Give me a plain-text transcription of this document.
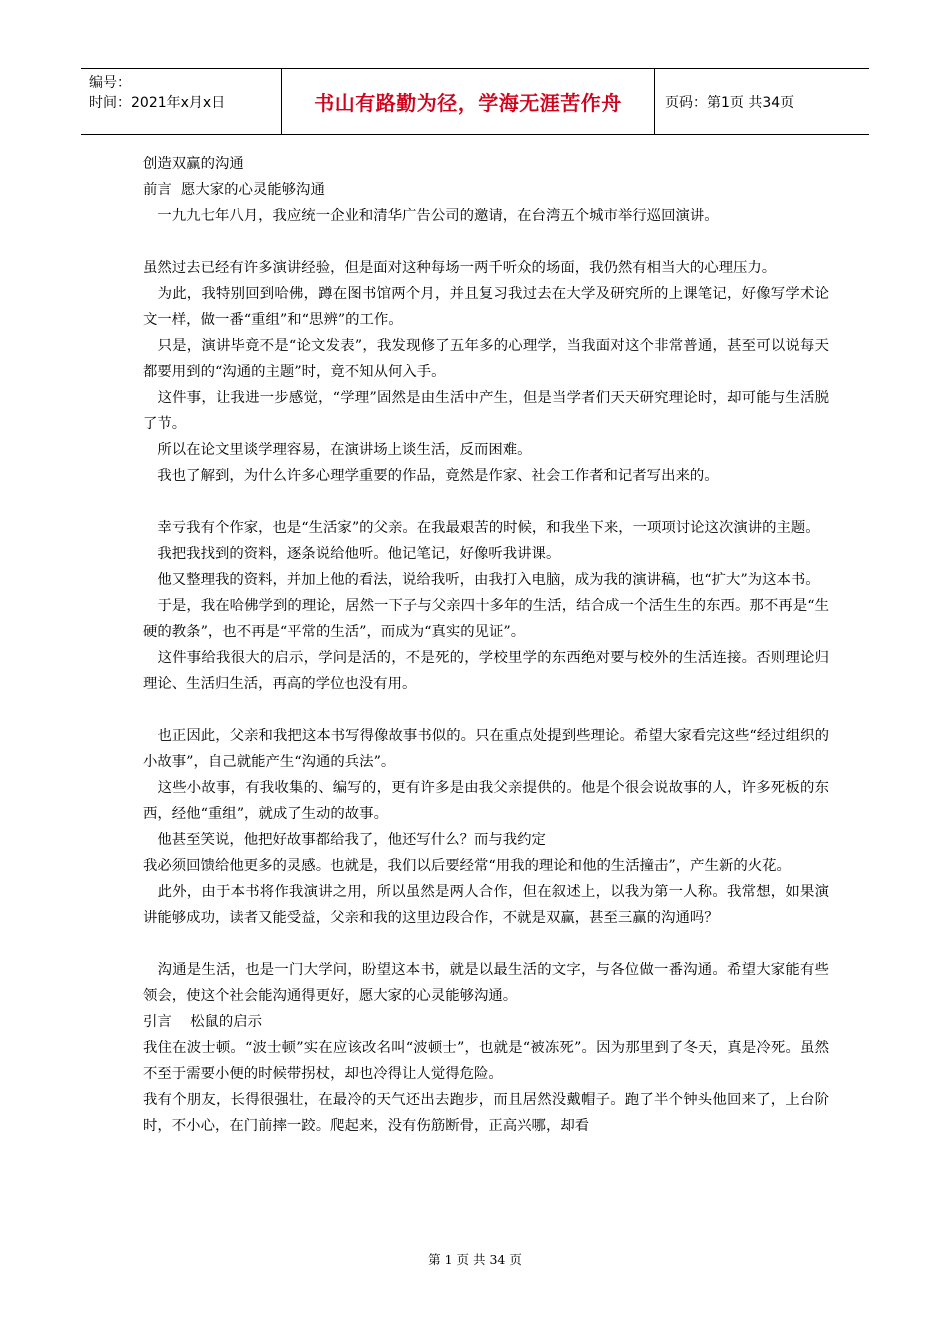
编号：
时间：2021年x月x日	书山有路勤为径，学海无涯苦作舟	页码：第1页 共34页

创造双赢的沟通

前言  愿大家的心灵能够沟通

　一九九七年八月，我应统一企业和清华广告公司的邀请，在台湾五个城市举行巡回演讲。

虽然过去已经有许多演讲经验，但是面对这种每场一两千听众的场面，我仍然有相当大的心理压力。

　为此，我特别回到哈佛，蹲在图书馆两个月，并且复习我过去在大学及研究所的上课笔记，好像写学术论文一样，做一番“重组”和“思辨”的工作。

　只是，演讲毕竟不是“论文发表”，我发现修了五年多的心理学，当我面对这个非常普通，甚至可以说每天都要用到的“沟通的主题”时，竟不知从何入手。

　这件事，让我进一步感觉，“学理”固然是由生活中产生，但是当学者们天天研究理论时，却可能与生活脱了节。

　所以在论文里谈学理容易，在演讲场上谈生活，反而困难。

　我也了解到，为什么许多心理学重要的作品，竟然是作家、社会工作者和记者写出来的。

　幸亏我有个作家，也是“生活家”的父亲。在我最艰苦的时候，和我坐下来，一项项讨论这次演讲的主题。

　我把我找到的资料，逐条说给他听。他记笔记，好像听我讲课。

　他又整理我的资料，并加上他的看法，说给我听，由我打入电脑，成为我的演讲稿，也“扩大”为这本书。

　于是，我在哈佛学到的理论，居然一下子与父亲四十多年的生活，结合成一个活生生的东西。那不再是“生硬的教条”，也不再是“平常的生活”，而成为“真实的见证”。

　这件事给我很大的启示，学问是活的，不是死的，学校里学的东西绝对要与校外的生活连接。否则理论归理论、生活归生活，再高的学位也没有用。

　也正因此，父亲和我把这本书写得像故事书似的。只在重点处提到些理论。希望大家看完这些“经过组织的小故事”，自己就能产生“沟通的兵法”。

　这些小故事，有我收集的、编写的，更有许多是由我父亲提供的。他是个很会说故事的人，许多死板的东西，经他“重组”，就成了生动的故事。

　他甚至笑说，他把好故事都给我了，他还写什么？而与我约定

我必须回馈给他更多的灵感。也就是，我们以后要经常“用我的理论和他的生活撞击”，产生新的火花。

　此外，由于本书将作我演讲之用，所以虽然是两人合作，但在叙述上，以我为第一人称。我常想，如果演讲能够成功，读者又能受益，父亲和我的这里边段合作，不就是双赢，甚至三赢的沟通吗？

　沟通是生活，也是一门大学问，盼望这本书，就是以最生活的文字，与各位做一番沟通。希望大家能有些领会，使这个社会能沟通得更好，愿大家的心灵能够沟通。

引言    松鼠的启示

我住在波士顿。“波士顿”实在应该改名叫“波顿士”，也就是“被冻死”。因为那里到了冬天，真是冷死。虽然不至于需要小便的时候带拐杖，却也冷得让人觉得危险。

我有个朋友，长得很强壮，在最冷的天气还出去跑步，而且居然没戴帽子。跑了半个钟头他回来了，上台阶时，不小心，在门前摔一跤。爬起来，没有伤筋断骨，正高兴哪，却看

第 1 页 共 34 页
